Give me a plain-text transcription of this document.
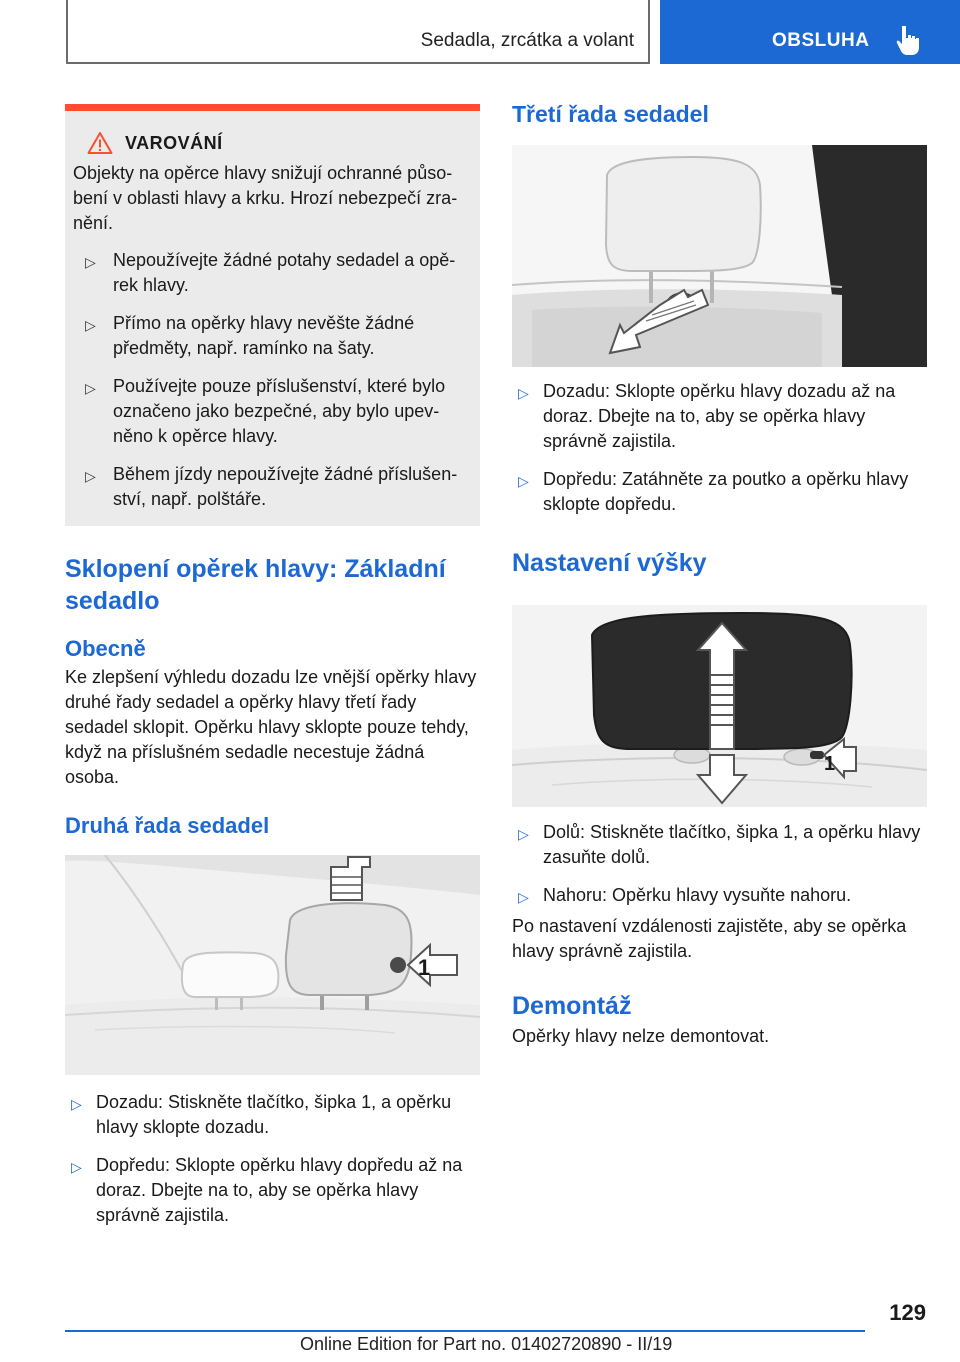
Sedadla, zrcátka a volant	OBSLUHA
VAROVÁNÍ

Objekty na opěrce hlavy snižují ochranné působení v oblasti hlavy a krku. Hrozí nebezpečí zranění.

▷ Nepoužívejte žádné potahy sedadel a opěrek hlavy.
▷ Přímo na opěrky hlavy nevěšte žádné předměty, např. ramínko na šaty.
▷ Používejte pouze příslušenství, které bylo označeno jako bezpečné, aby bylo upevněno k opěrce hlavy.
▷ Během jízdy nepoužívejte žádné příslušenství, např. polštáře.
Sklopení opěrek hlavy: Základní sedadlo
Obecně

Ke zlepšení výhledu dozadu lze vnější opěrky hlavy druhé řady sedadel a opěrky hlavy třetí řady sedadel sklopit. Opěrku hlavy sklopte pouze tehdy, když na příslušném sedadle necestuje žádná osoba.

Druhá řada sedadel
1
▷ Dozadu: Stiskněte tlačítko, šipka 1, a opěrku hlavy sklopte dozadu.
▷ Dopředu: Sklopte opěrku hlavy dopředu až na doraz. Dbejte na to, aby se opěrka hlavy správně zajistila.
Třetí řada sedadel
▷ Dozadu: Sklopte opěrku hlavy dozadu až na doraz. Dbejte na to, aby se opěrka hlavy správně zajistila.
▷ Dopředu: Zatáhněte za poutko a opěrku hlavy sklopte dopředu.
Nastavení výšky
1
▷ Dolů: Stiskněte tlačítko, šipka 1, a opěrku hlavy zasuňte dolů.
▷ Nahoru: Opěrku hlavy vysuňte nahoru.

Po nastavení vzdálenosti zajistěte, aby se opěrka hlavy správně zajistila.

Demontáž

Opěrky hlavy nelze demontovat.

129
Online Edition for Part no. 01402720890 - II/19
